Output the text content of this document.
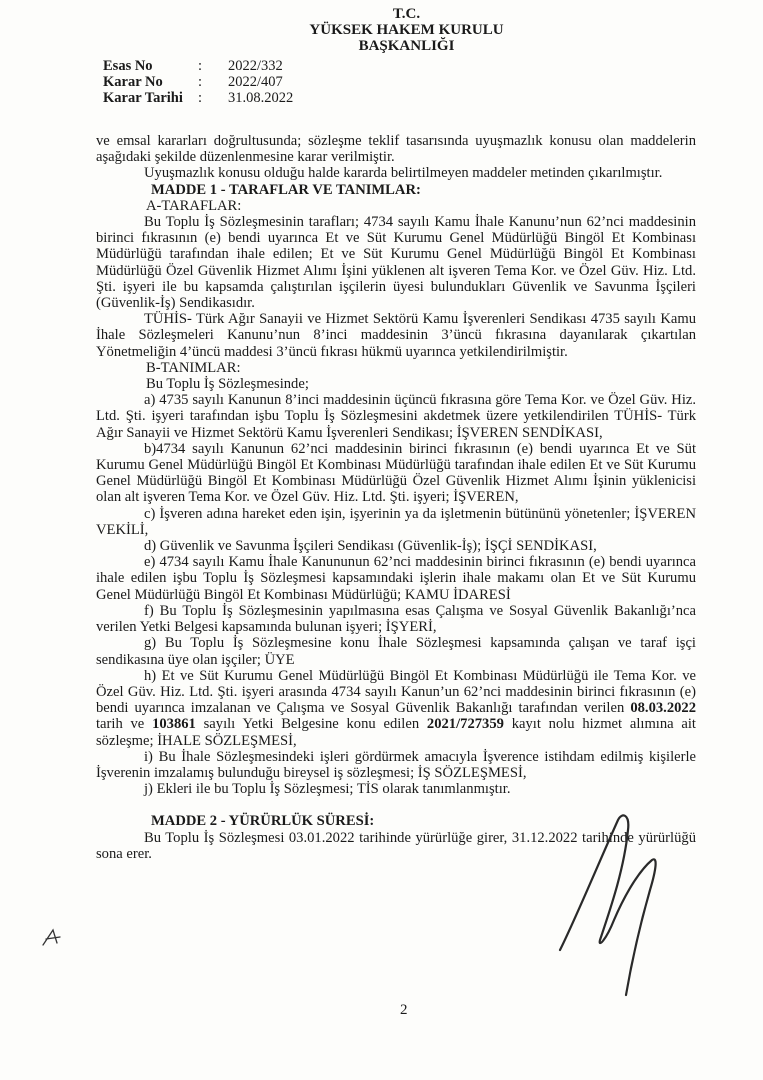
T.C.
YÜKSEK HAKEM KURULU
BAŞKANLIĞI
Esas No	:	2022/332
Karar No	:	2022/407
Karar Tarihi	:	31.08.2022

ve emsal kararları doğrultusunda; sözleşme teklif tasarısında uyuşmazlık konusu olan maddelerin aşağıdaki şekilde düzenlenmesine karar verilmiştir.

Uyuşmazlık konusu olduğu halde kararda belirtilmeyen maddeler metinden çıkarılmıştır.

MADDE 1 - TARAFLAR VE TANIMLAR:

A-TARAFLAR:

Bu Toplu İş Sözleşmesinin tarafları; 4734 sayılı Kamu İhale Kanunu’nun 62’nci maddesinin birinci fıkrasının (e) bendi uyarınca Et ve Süt Kurumu Genel Müdürlüğü Bingöl Et Kombinası Müdürlüğü tarafından ihale edilen; Et ve Süt Kurumu Genel Müdürlüğü Bingöl Et Kombinası Müdürlüğü Özel Güvenlik Hizmet Alımı İşini yüklenen alt işveren Tema Kor. ve Özel Güv. Hiz. Ltd. Şti. işyeri ile bu kapsamda çalıştırılan işçilerin üyesi bulundukları Güvenlik ve Savunma İşçileri (Güvenlik-İş) Sendikasıdır.

TÜHİS- Türk Ağır Sanayii ve Hizmet Sektörü Kamu İşverenleri Sendikası 4735 sayılı Kamu İhale Sözleşmeleri Kanunu’nun 8’inci maddesinin 3’üncü fıkrasına dayanılarak çıkartılan Yönetmeliğin 4’üncü maddesi 3’üncü fıkrası hükmü uyarınca yetkilendirilmiştir.

B-TANIMLAR:

Bu Toplu İş Sözleşmesinde;

a) 4735 sayılı Kanunun 8’inci maddesinin üçüncü fıkrasına göre Tema Kor. ve Özel Güv. Hiz. Ltd. Şti. işyeri tarafından işbu Toplu İş Sözleşmesini akdetmek üzere yetkilendirilen TÜHİS- Türk Ağır Sanayii ve Hizmet Sektörü Kamu İşverenleri Sendikası; İŞVEREN SENDİKASI,

b)4734 sayılı Kanunun 62’nci maddesinin birinci fıkrasının (e) bendi uyarınca Et ve Süt Kurumu Genel Müdürlüğü Bingöl Et Kombinası Müdürlüğü tarafından ihale edilen Et ve Süt Kurumu Genel Müdürlüğü Bingöl Et Kombinası Müdürlüğü Özel Güvenlik Hizmet Alımı İşinin yüklenicisi olan alt işveren Tema Kor. ve Özel Güv. Hiz. Ltd. Şti. işyeri; İŞVEREN,

c) İşveren adına hareket eden işin, işyerinin ya da işletmenin bütününü yönetenler; İŞVEREN VEKİLİ,

d) Güvenlik ve Savunma İşçileri Sendikası (Güvenlik-İş); İŞÇİ SENDİKASI,

e) 4734 sayılı Kamu İhale Kanununun 62’nci maddesinin birinci fıkrasının (e) bendi uyarınca ihale edilen işbu Toplu İş Sözleşmesi kapsamındaki işlerin ihale makamı olan Et ve Süt Kurumu Genel Müdürlüğü Bingöl Et Kombinası Müdürlüğü; KAMU İDARESİ

f) Bu Toplu İş Sözleşmesinin yapılmasına esas Çalışma ve Sosyal Güvenlik Bakanlığı’nca verilen Yetki Belgesi kapsamında bulunan işyeri; İŞYERİ,

g) Bu Toplu İş Sözleşmesine konu İhale Sözleşmesi kapsamında çalışan ve taraf işçi sendikasına üye olan işçiler; ÜYE

h) Et ve Süt Kurumu Genel Müdürlüğü Bingöl Et Kombinası Müdürlüğü ile Tema Kor. ve Özel Güv. Hiz. Ltd. Şti. işyeri arasında 4734 sayılı Kanun’un 62’nci maddesinin birinci fıkrasının (e) bendi uyarınca imzalanan ve Çalışma ve Sosyal Güvenlik Bakanlığı tarafından verilen 08.03.2022 tarih ve 103861 sayılı Yetki Belgesine konu edilen 2021/727359 kayıt nolu hizmet alımına ait sözleşme; İHALE SÖZLEŞMESİ,

i) Bu İhale Sözleşmesindeki işleri gördürmek amacıyla İşverence istihdam edilmiş kişilerle İşverenin imzalamış bulunduğu bireysel iş sözleşmesi; İŞ SÖZLEŞMESİ,

j) Ekleri ile bu Toplu İş Sözleşmesi; TİS olarak tanımlanmıştır.

MADDE 2 - YÜRÜRLÜK SÜRESİ:

Bu Toplu İş Sözleşmesi 03.01.2022 tarihinde yürürlüğe girer, 31.12.2022 tarihinde yürürlüğü sona erer.

2
